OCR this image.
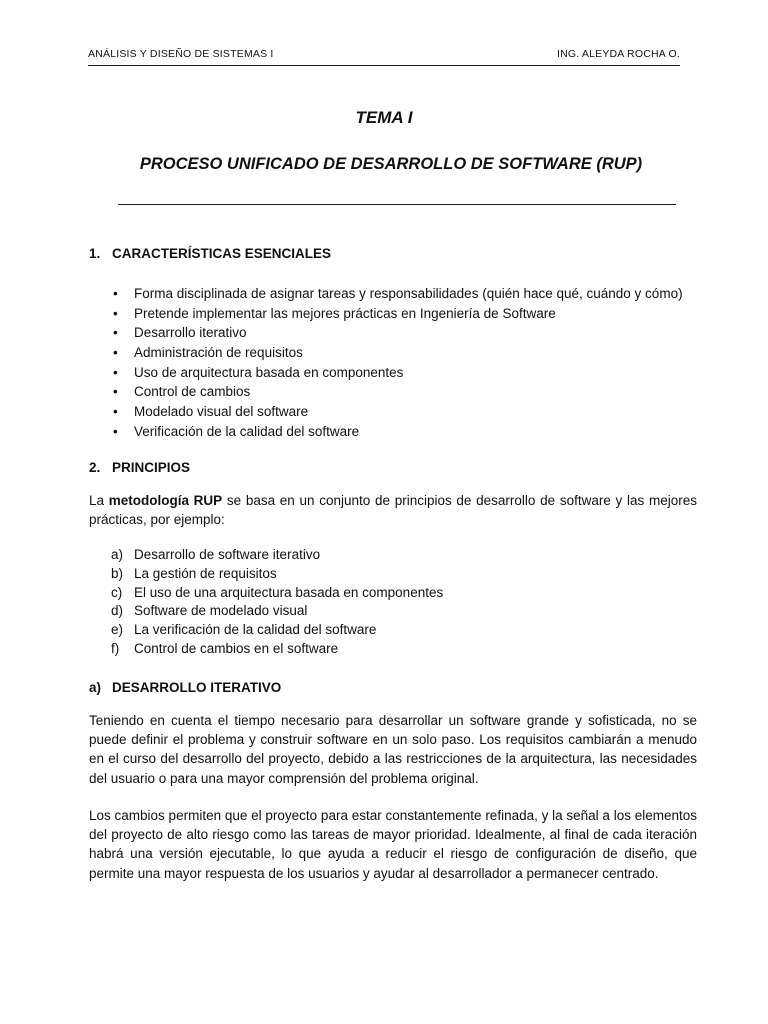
ANÁLISIS Y DISEÑO DE SISTEMAS I	ING. ALEYDA ROCHA O.
TEMA I
PROCESO UNIFICADO DE DESARROLLO DE SOFTWARE (RUP)
1. CARACTERÍSTICAS ESENCIALES
• Forma disciplinada de asignar tareas y responsabilidades (quién hace qué, cuándo y cómo)
• Pretende implementar las mejores prácticas en Ingeniería de Software
• Desarrollo iterativo
• Administración de requisitos
• Uso de arquitectura basada en componentes
• Control de cambios
• Modelado visual del software
• Verificación de la calidad del software
2. PRINCIPIOS
La metodología RUP se basa en un conjunto de principios de desarrollo de software y las mejores prácticas, por ejemplo:
a) Desarrollo de software iterativo
b) La gestión de requisitos
c) El uso de una arquitectura basada en componentes
d) Software de modelado visual
e) La verificación de la calidad del software
f) Control de cambios en el software
a) DESARROLLO ITERATIVO
Teniendo en cuenta el tiempo necesario para desarrollar un software grande y sofisticada, no se puede definir el problema y construir software en un solo paso. Los requisitos cambiarán a menudo en el curso del desarrollo del proyecto, debido a las restricciones de la arquitectura, las necesidades del usuario o para una mayor comprensión del problema original.
Los cambios permiten que el proyecto para estar constantemente refinada, y la señal a los elementos del proyecto de alto riesgo como las tareas de mayor prioridad. Idealmente, al final de cada iteración habrá una versión ejecutable, lo que ayuda a reducir el riesgo de configuración de diseño, que permite una mayor respuesta de los usuarios y ayudar al desarrollador a permanecer centrado.
